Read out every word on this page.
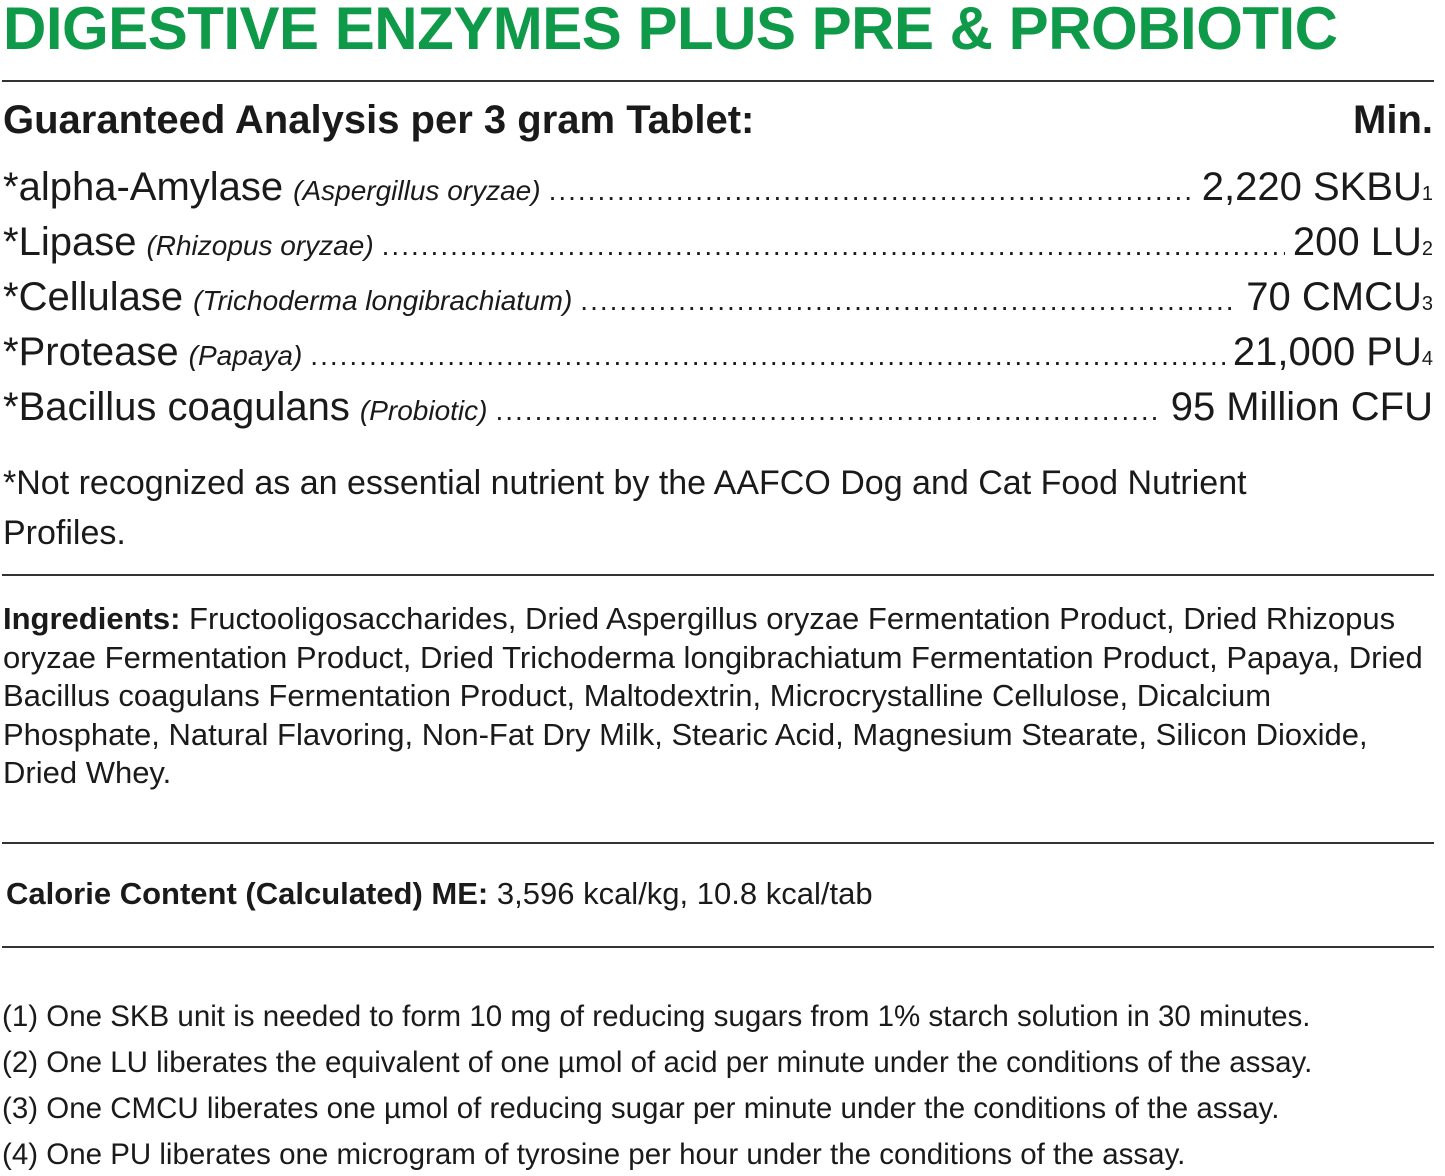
DIGESTIVE ENZYMES PLUS PRE & PROBIOTIC
Guaranteed Analysis per 3 gram Tablet:	Min.
*alpha-Amylase (Aspergillus oryzae) .....	2,220 SKBU 1
*Lipase (Rhizopus oryzae) .....	200 LU 2
*Cellulase (Trichoderma longibrachiatum) .....	70 CMCU 3
*Protease (Papaya) .....	21,000 PU 4
*Bacillus coagulans (Probiotic) .....	95 Million CFU
*Not recognized as an essential nutrient by the AAFCO Dog and Cat Food Nutrient Profiles.
Ingredients: Fructooligosaccharides, Dried Aspergillus oryzae Fermentation Product, Dried Rhizopus oryzae Fermentation Product, Dried Trichoderma longibrachiatum Fermentation Product, Papaya, Dried Bacillus coagulans Fermentation Product, Maltodextrin, Microcrystalline Cellulose, Dicalcium Phosphate, Natural Flavoring, Non-Fat Dry Milk, Stearic Acid, Magnesium Stearate, Silicon Dioxide, Dried Whey.
Calorie Content (Calculated) ME: 3,596 kcal/kg, 10.8 kcal/tab
(1) One SKB unit is needed to form 10 mg of reducing sugars from 1% starch solution in 30 minutes.
(2) One LU liberates the equivalent of one µmol of acid per minute under the conditions of the assay.
(3) One CMCU liberates one µmol of reducing sugar per minute under the conditions of the assay.
(4) One PU liberates one microgram of tyrosine per hour under the conditions of the assay.
